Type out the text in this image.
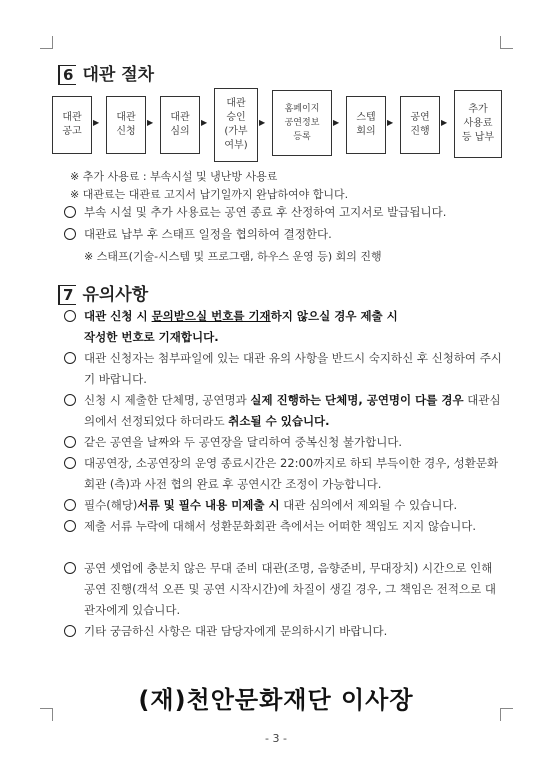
6 대관 절차
대관
공고
▶ 대관
신청
▶ 대관
심의
▶
대관
승인
(가부
여부)
▶
홈페이지
공연정보
등록
▶ 스텝
회의
▶ 공연
진행
▶
추가
사용료
등 납부
※ 추가 사용료 : 부속시설 및 냉난방 사용료
※ 대관료는 대관료 고지서 납기일까지 완납하여야 합니다.
부속 시설 및 추가 사용료는 공연 종료 후 산정하여 고지서로 발급됩니다.
대관료 납부 후 스태프 일정을 협의하여 결정한다.
※ 스태프(기술-시스템 및 프로그램, 하우스 운영 등) 회의 진행
7 유의사항
대관 신청 시 문의받으실 번호를 기재하지 않으실 경우 제출 시
작성한 번호로 기재합니다.
대관 신청자는 첨부파일에 있는 대관 유의 사항을 반드시 숙지하신 후 신청하여 주시기 바랍니다.
신청 시 제출한 단체명, 공연명과 실제 진행하는 단체명, 공연명이 다를 경우 대관심의에서 선정되었다 하더라도 취소될 수 있습니다.
같은 공연을 날짜와 두 공연장을 달리하여 중복신청 불가합니다.
대공연장, 소공연장의 운영 종료시간은 22:00까지로 하되 부득이한 경우, 성환문화회관 (측)과 사전 협의 완료 후 공연시간 조정이 가능합니다.
필수(해당)서류 및 필수 내용 미제출 시 대관 심의에서 제외될 수 있습니다.
제출 서류 누락에 대해서 성환문화회관 측에서는 어떠한 책임도 지지 않습니다.
공연 셋업에 충분치 않은 무대 준비 대관(조명, 음향준비, 무대장치) 시간으로 인해 공연 진행(객석 오픈 및 공연 시작시간)에 차질이 생길 경우, 그 책임은 전적으로 대관자에게 있습니다.
기타 궁금하신 사항은 대관 담당자에게 문의하시기 바랍니다.
(재)천안문화재단 이사장
- 3 -
